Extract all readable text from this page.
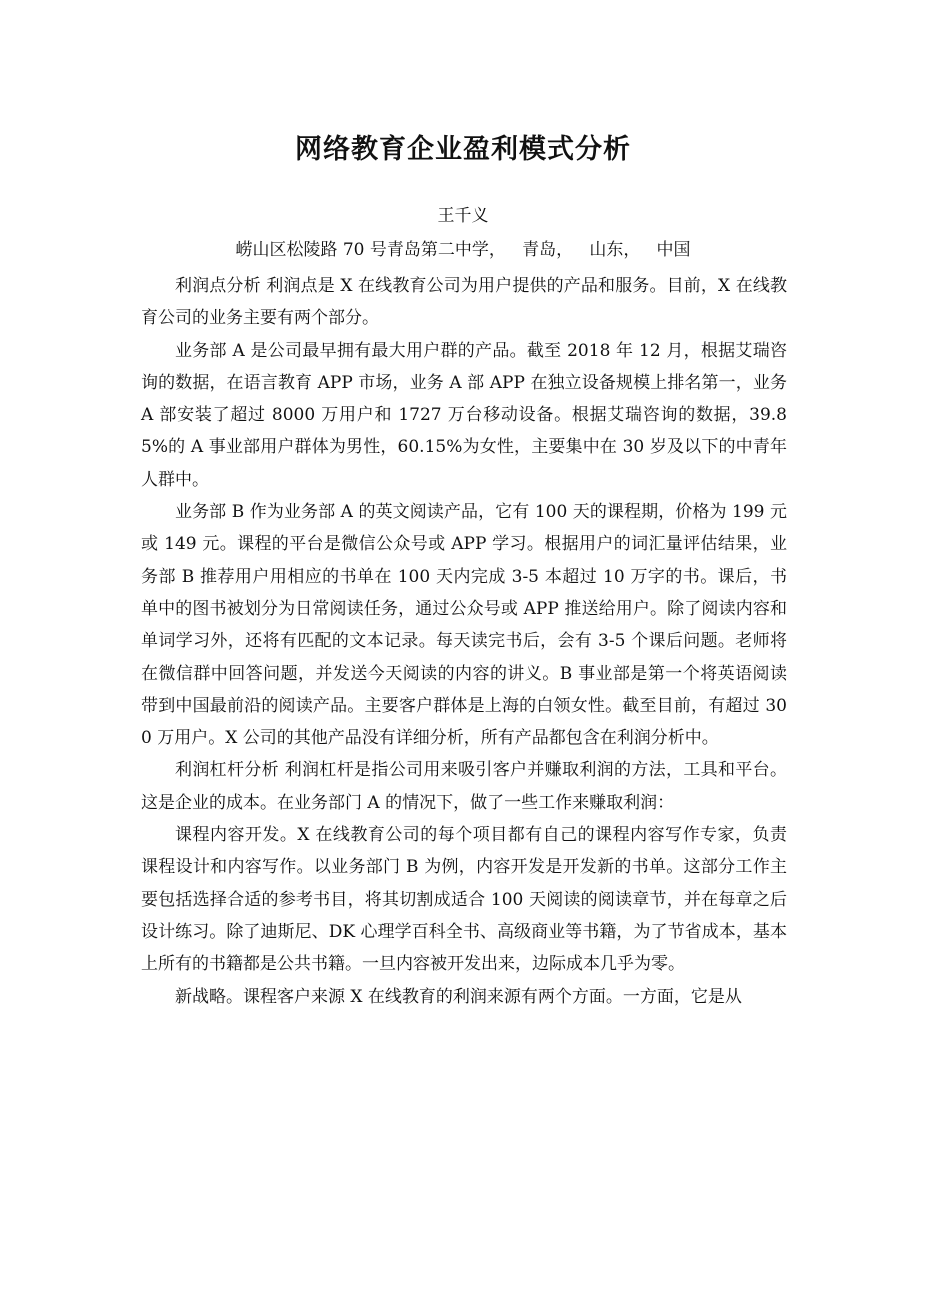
网络教育企业盈利模式分析
王千义
崂山区松陵路 70 号青岛第二中学，   青岛，   山东，   中国

利润点分析 利润点是 X 在线教育公司为用户提供的产品和服务。目前，X 在线教育公司的业务主要有两个部分。

业务部 A 是公司最早拥有最大用户群的产品。截至 2018 年 12 月，根据艾瑞咨询的数据，在语言教育 APP 市场，业务 A 部 APP 在独立设备规模上排名第一，业务 A 部安装了超过 8000 万用户和 1727 万台移动设备。根据艾瑞咨询的数据，39.85%的 A 事业部用户群体为男性，60.15%为女性，主要集中在 30 岁及以下的中青年人群中。

业务部 B 作为业务部 A 的英文阅读产品，它有 100 天的课程期，价格为 199 元或 149 元。课程的平台是微信公众号或 APP 学习。根据用户的词汇量评估结果，业务部 B 推荐用户用相应的书单在 100 天内完成 3-5 本超过 10 万字的书。课后，书单中的图书被划分为日常阅读任务，通过公众号或 APP 推送给用户。除了阅读内容和单词学习外，还将有匹配的文本记录。每天读完书后，会有 3-5 个课后问题。老师将在微信群中回答问题，并发送今天阅读的内容的讲义。B 事业部是第一个将英语阅读带到中国最前沿的阅读产品。主要客户群体是上海的白领女性。截至目前，有超过 300 万用户。X 公司的其他产品没有详细分析，所有产品都包含在利润分析中。

利润杠杆分析 利润杠杆是指公司用来吸引客户并赚取利润的方法，工具和平台。这是企业的成本。在业务部门 A 的情况下，做了一些工作来赚取利润：

课程内容开发。X 在线教育公司的每个项目都有自己的课程内容写作专家，负责课程设计和内容写作。以业务部门 B 为例，内容开发是开发新的书单。这部分工作主要包括选择合适的参考书目，将其切割成适合 100 天阅读的阅读章节，并在每章之后设计练习。除了迪斯尼、DK 心理学百科全书、高级商业等书籍，为了节省成本，基本上所有的书籍都是公共书籍。一旦内容被开发出来，边际成本几乎为零。

新战略。课程客户来源 X 在线教育的利润来源有两个方面。一方面，它是从
